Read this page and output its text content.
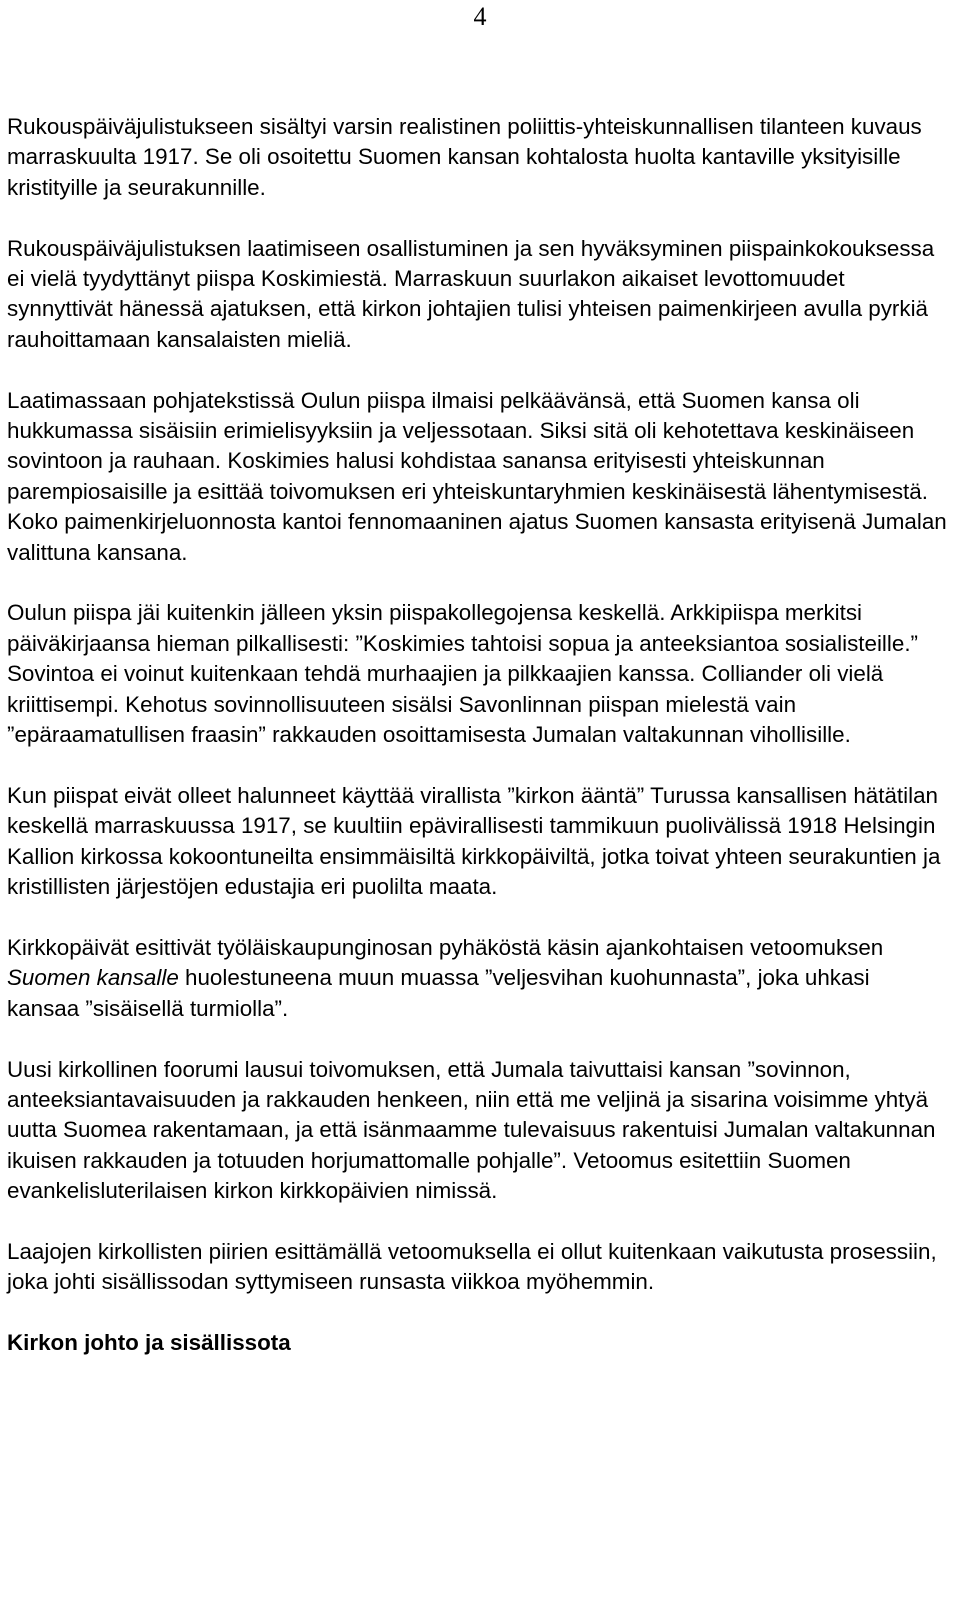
4

Rukouspäiväjulistukseen sisältyi varsin realistinen poliittis-yhteiskunnallisen tilanteen kuvaus marraskuulta 1917. Se oli osoitettu Suomen kansan kohtalosta huolta kantaville yksityisille kristityille ja seurakunnille.

Rukouspäiväjulistuksen laatimiseen osallistuminen ja sen hyväksyminen piispainkokouksessa ei vielä tyydyttänyt piispa Koskimiestä. Marraskuun suurlakon aikaiset levottomuudet synnyttivät hänessä ajatuksen, että kirkon johtajien tulisi yhteisen paimenkirjeen avulla pyrkiä rauhoittamaan kansalaisten mieliä.

Laatimassaan pohjatekstissä Oulun piispa ilmaisi pelkäävänsä, että Suomen kansa oli hukkumassa sisäisiin erimielisyyksiin ja veljessotaan. Siksi sitä oli kehotettava keskinäiseen sovintoon ja rauhaan. Koskimies halusi kohdistaa sanansa erityisesti yhteiskunnan parempiosaisille ja esittää toivomuksen eri yhteiskuntaryhmien keskinäisestä lähentymisestä. Koko paimenkirjeluonnosta kantoi fennomaaninen ajatus Suomen kansasta erityisenä Jumalan valittuna kansana.

Oulun piispa jäi kuitenkin jälleen yksin piispakollegojensa keskellä. Arkkipiispa merkitsi päiväkirjaansa hieman pilkallisesti: ”Koskimies tahtoisi sopua ja anteeksiantoa sosialisteille.” Sovintoa ei voinut kuitenkaan tehdä murhaajien ja pilkkaajien kanssa. Colliander oli vielä kriittisempi. Kehotus sovinnollisuuteen sisälsi Savonlinnan piispan mielestä vain ”epäraamatullisen fraasin” rakkauden osoittamisesta Jumalan valtakunnan vihollisille.

Kun piispat eivät olleet halunneet käyttää virallista ”kirkon ääntä” Turussa kansallisen hätätilan keskellä marraskuussa 1917, se kuultiin epävirallisesti tammikuun puolivälissä 1918 Helsingin Kallion kirkossa kokoontuneilta ensimmäisiltä kirkkopäiviltä, jotka toivat yhteen seurakuntien ja kristillisten järjestöjen edustajia eri puolilta maata.

Kirkkopäivät esittivät työläiskaupunginosan pyhäköstä käsin ajankohtaisen vetoomuksen Suomen kansalle huolestuneena muun muassa ”veljesvihan kuohunnasta”, joka uhkasi kansaa ”sisäisellä turmiolla”.

Uusi kirkollinen foorumi lausui toivomuksen, että Jumala taivuttaisi kansan ”sovinnon, anteeksiantavaisuuden ja rakkauden henkeen, niin että me veljinä ja sisarina voisimme yhtyä uutta Suomea rakentamaan, ja että isänmaamme tulevaisuus rakentuisi Jumalan valtakunnan ikuisen rakkauden ja totuuden horjumattomalle pohjalle”. Vetoomus esitettiin Suomen evankelisluterilaisen kirkon kirkkopäivien nimissä.

Laajojen kirkollisten piirien esittämällä vetoomuksella ei ollut kuitenkaan vaikutusta prosessiin, joka johti sisällissodan syttymiseen runsasta viikkoa myöhemmin.

Kirkon johto ja sisällissota
